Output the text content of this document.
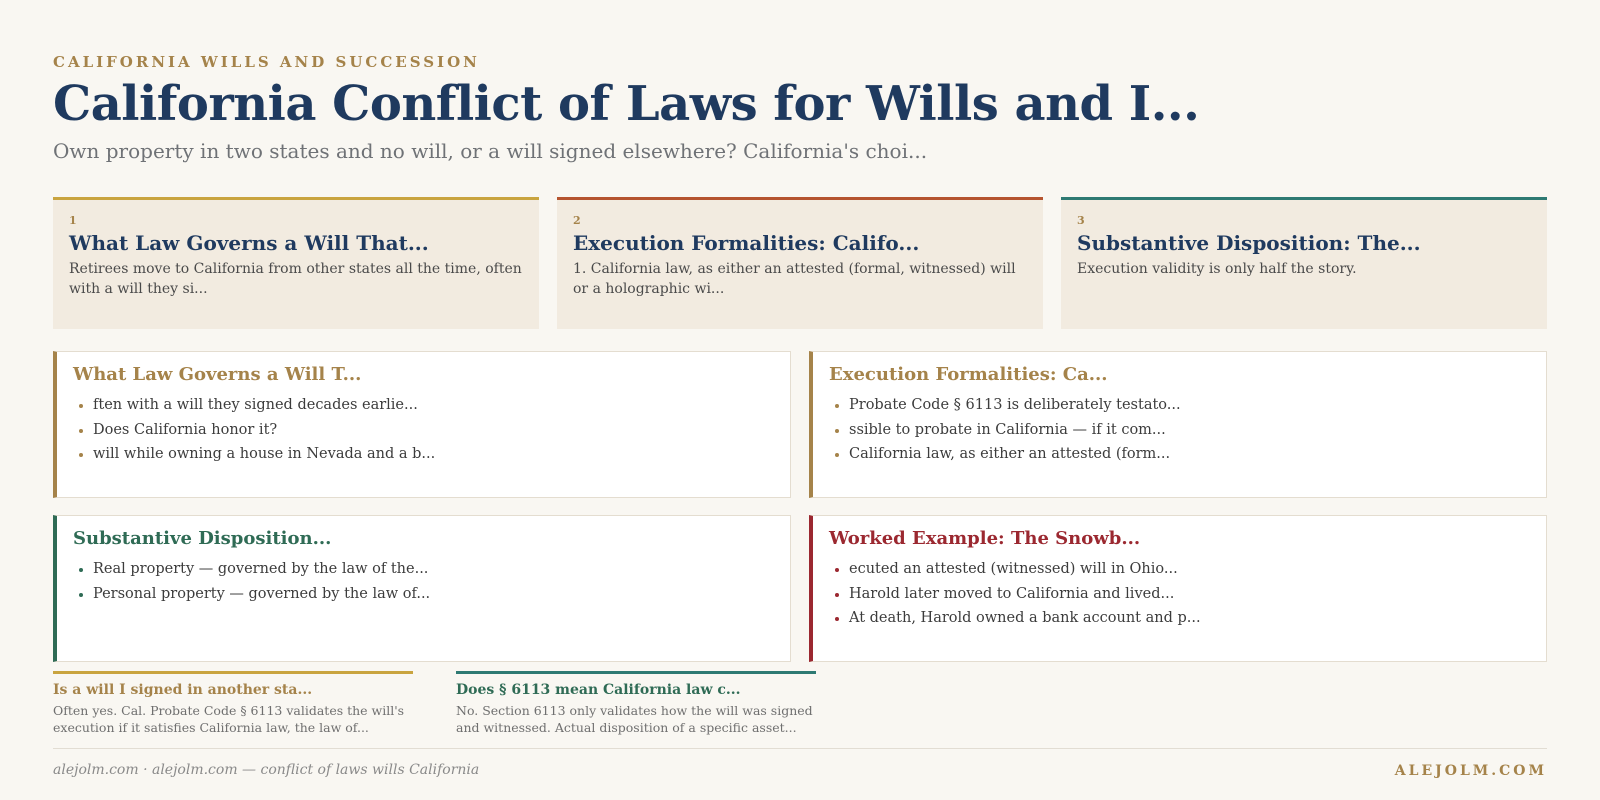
CALIFORNIA WILLS AND SUCCESSION
California Conflict of Laws for Wills and I...
Own property in two states and no will, or a will signed elsewhere? California's choi...
1
What Law Governs a Will That...
Retirees move to California from other states all the time, often with a will they si...
2
Execution Formalities: Califo...
1. California law, as either an attested (formal, witnessed) will or a holographic wi...
3
Substantive Disposition: The...
Execution validity is only half the story.
What Law Governs a Will T...
• ften with a will they signed decades earlie...
• Does California honor it?
• will while owning a house in Nevada and a b...
Execution Formalities: Ca...
• Probate Code § 6113 is deliberately testato...
• ssible to probate in California — if it com...
• California law, as either an attested (form...
Substantive Disposition...
• Real property — governed by the law of the...
• Personal property — governed by the law of...
Worked Example: The Snowb...
• ecuted an attested (witnessed) will in Ohio...
• Harold later moved to California and lived...
• At death, Harold owned a bank account and p...
Is a will I signed in another sta...
Often yes. Cal. Probate Code § 6113 validates the will's execution if it satisfies California law, the law of...
Does § 6113 mean California law c...
No. Section 6113 only validates how the will was signed and witnessed. Actual disposition of a specific asset...
alejolm.com · alejolm.com — conflict of laws wills California	ALEJOLM.COM
